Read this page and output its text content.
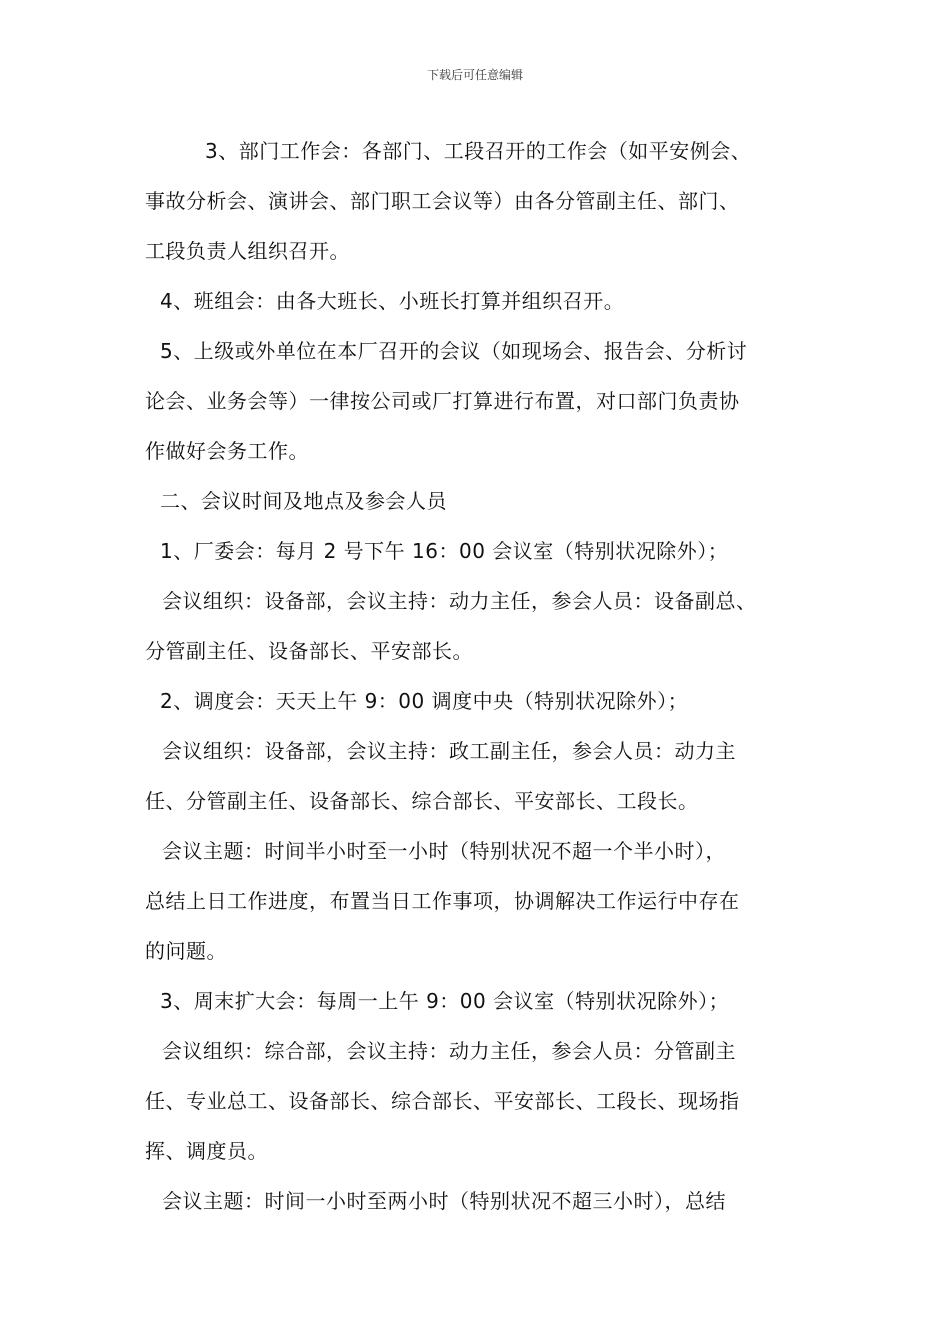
下载后可任意编辑
3、部门工作会：各部门、工段召开的工作会（如平安例会、
事故分析会、演讲会、部门职工会议等）由各分管副主任、部门、
工段负责人组织召开。
4、班组会：由各大班长、小班长打算并组织召开。
5、上级或外单位在本厂召开的会议（如现场会、报告会、分析讨
论会、业务会等）一律按公司或厂打算进行布置，对口部门负责协
作做好会务工作。
二、会议时间及地点及参会人员
1、厂委会：每月 2 号下午 16：00 会议室（特别状况除外）；
会议组织：设备部，会议主持：动力主任，参会人员：设备副总、
分管副主任、设备部长、平安部长。
2、调度会：天天上午 9：00 调度中央（特别状况除外）；
会议组织：设备部，会议主持：政工副主任，参会人员：动力主
任、分管副主任、设备部长、综合部长、平安部长、工段长。
会议主题：时间半小时至一小时（特别状况不超一个半小时），
总结上日工作进度，布置当日工作事项，协调解决工作运行中存在
的问题。
3、周末扩大会：每周一上午 9：00 会议室（特别状况除外）；
会议组织：综合部，会议主持：动力主任，参会人员：分管副主
任、专业总工、设备部长、综合部长、平安部长、工段长、现场指
挥、调度员。
会议主题：时间一小时至两小时（特别状况不超三小时），总结
